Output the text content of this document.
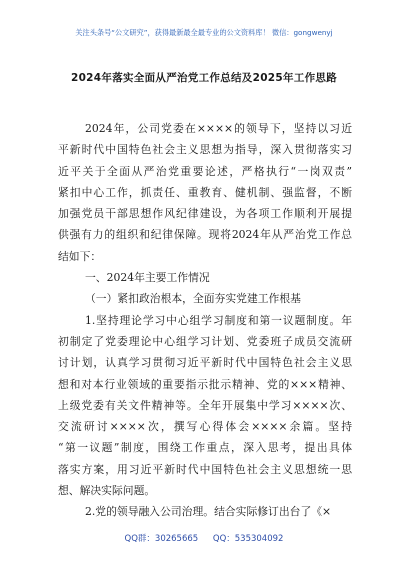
关注头条号“公文研究”，获得最新最全最专业的公文资料库！ 微信：gongwenyj
2024年落实全面从严治党工作总结及2025年工作思路
2024年，公司党委在××××的领导下，坚持以习近
平新时代中国特色社会主义思想为指导，深入贯彻落实习
近平关于全面从严治党重要论述，严格执行“一岗双责”
紧扣中心工作，抓责任、重教育、健机制、强监督，不断
加强党员干部思想作风纪律建设，为各项工作顺利开展提
供强有力的组织和纪律保障。现将2024年从严治党工作总
结如下：
一、2024年主要工作情况
（一）紧扣政治根本，全面夯实党建工作根基
1.坚持理论学习中心组学习制度和第一议题制度。年
初制定了党委理论中心组学习计划、党委班子成员交流研
讨计划，认真学习贯彻习近平新时代中国特色社会主义思
想和对本行业领域的重要指示批示精神、党的×××精神、
上级党委有关文件精神等。全年开展集中学习××××次、
交流研讨××××次，撰写心得体会××××余篇。坚持
“第一议题”制度，围绕工作重点，深入思考，提出具体
落实方案，用习近平新时代中国特色社会主义思想统一思
想、解决实际问题。
2.党的领导融入公司治理。结合实际修订出台了《×
QQ群：30265665 QQ：535304092
